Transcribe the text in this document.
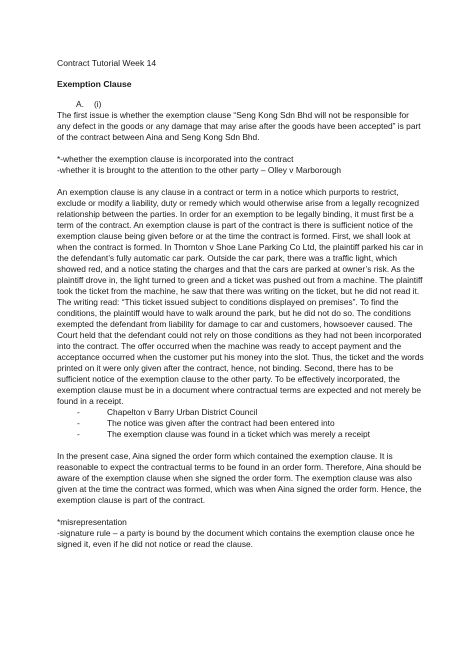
Contract Tutorial Week 14
Exemption Clause
A. (i)

The first issue is whether the exemption clause “Seng Kong Sdn Bhd will not be responsible for any defect in the goods or any damage that may arise after the goods have been accepted” is part of the contract between Aina and Seng Kong Sdn Bhd.

*-whether the exemption clause is incorporated into the contract

-whether it is brought to the attention to the other party – Olley v Marborough

An exemption clause is any clause in a contract or term in a notice which purports to restrict, exclude or modify a liability, duty or remedy which would otherwise arise from a legally recognized relationship between the parties. In order for an exemption to be legally binding, it must first be a term of the contract. An exemption clause is part of the contract is there is sufficient notice of the exemption clause being given before or at the time the contract is formed. First, we shall look at when the contract is formed. In Thornton v Shoe Lane Parking Co Ltd, the plaintiff parked his car in the defendant’s fully automatic car park. Outside the car park, there was a traffic light, which showed red, and a notice stating the charges and that the cars are parked at owner’s risk. As the plaintiff drove in, the light turned to green and a ticket was pushed out from a machine. The plaintiff took the ticket from the machine, he saw that there was writing on the ticket, but he did not read it. The writing read: “This ticket issued subject to conditions displayed on premises”. To find the conditions, the plaintiff would have to walk around the park, but he did not do so. The conditions exempted the defendant from liability for damage to car and customers, howsoever caused. The Court held that the defendant could not rely on those conditions as they had not been incorporated into the contract. The offer occurred when the machine was ready to accept payment and the acceptance occurred when the customer put his money into the slot. Thus, the ticket and the words printed on it were only given after the contract, hence, not binding. Second, there has to be sufficient notice of the exemption clause to the other party. To be effectively incorporated, the exemption clause must be in a document where contractual terms are expected and not merely be found in a receipt.

-	Chapelton v Barry Urban District Council
-	The notice was given after the contract had been entered into
-	The exemption clause was found in a ticket which was merely a receipt

In the present case, Aina signed the order form which contained the exemption clause. It is reasonable to expect the contractual terms to be found in an order form. Therefore, Aina should be aware of the exemption clause when she signed the order form. The exemption clause was also given at the time the contract was formed, which was when Aina signed the order form. Hence, the exemption clause is part of the contract.

*misrepresentation

-signature rule – a party is bound by the document which contains the exemption clause once he signed it, even if he did not notice or read the clause.
